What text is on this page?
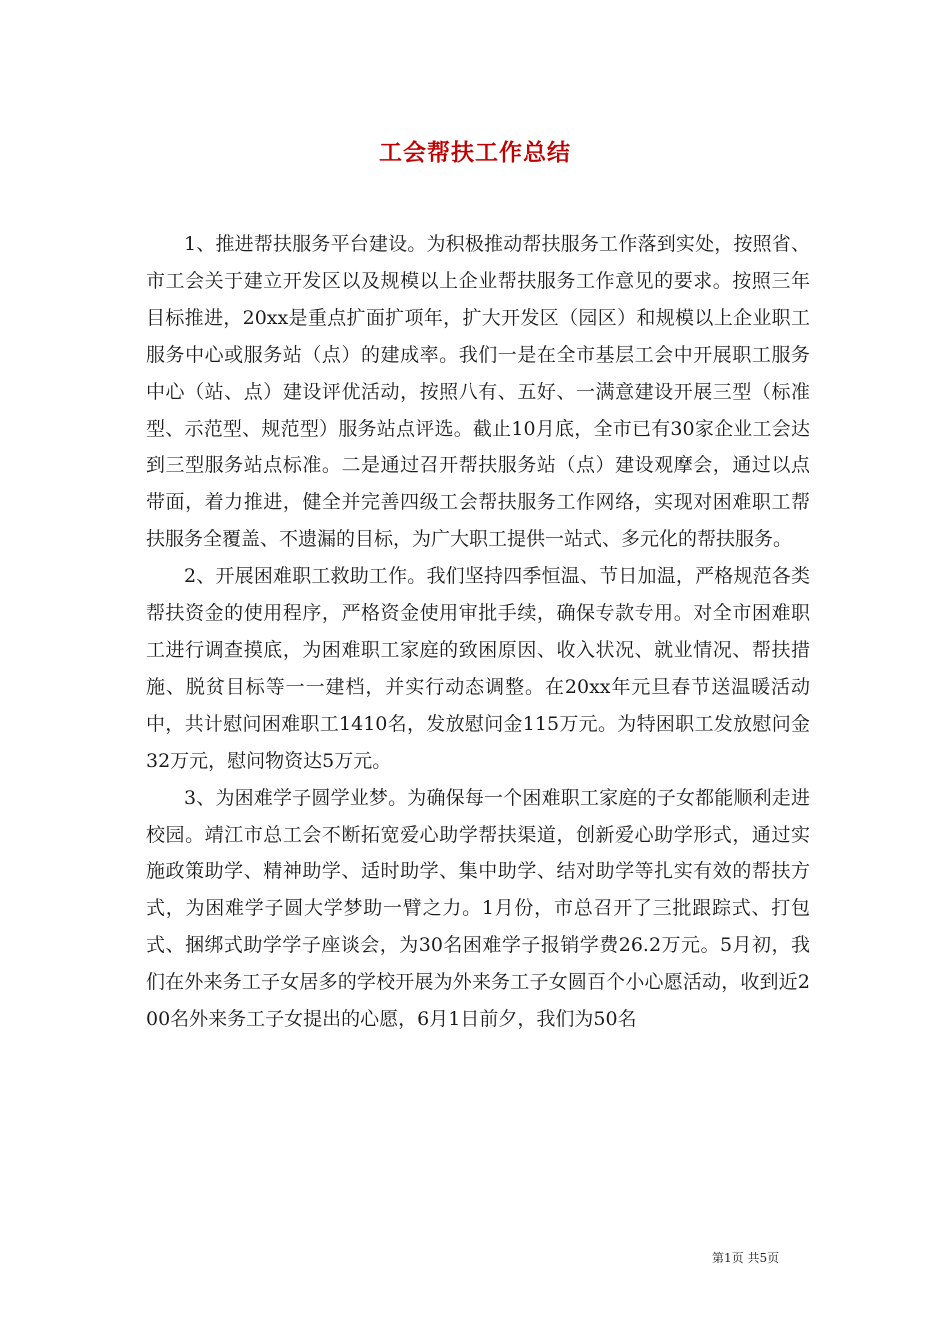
工会帮扶工作总结

1、推进帮扶服务平台建设。为积极推动帮扶服务工作落到实处，按照省、市工会关于建立开发区以及规模以上企业帮扶服务工作意见的要求。按照三年目标推进，20xx是重点扩面扩项年，扩大开发区（园区）和规模以上企业职工服务中心或服务站（点）的建成率。我们一是在全市基层工会中开展职工服务中心（站、点）建设评优活动，按照八有、五好、一满意建设开展三型（标准型、示范型、规范型）服务站点评选。截止10月底，全市已有30家企业工会达到三型服务站点标准。二是通过召开帮扶服务站（点）建设观摩会，通过以点带面，着力推进，健全并完善四级工会帮扶服务工作网络，实现对困难职工帮扶服务全覆盖、不遗漏的目标，为广大职工提供一站式、多元化的帮扶服务。

2、开展困难职工救助工作。我们坚持四季恒温、节日加温，严格规范各类帮扶资金的使用程序，严格资金使用审批手续，确保专款专用。对全市困难职工进行调查摸底，为困难职工家庭的致困原因、收入状况、就业情况、帮扶措施、脱贫目标等一一建档，并实行动态调整。在20xx年元旦春节送温暖活动中，共计慰问困难职工1410名，发放慰问金115万元。为特困职工发放慰问金32万元，慰问物资达5万元。

3、为困难学子圆学业梦。为确保每一个困难职工家庭的子女都能顺利走进校园。靖江市总工会不断拓宽爱心助学帮扶渠道，创新爱心助学形式，通过实施政策助学、精神助学、适时助学、集中助学、结对助学等扎实有效的帮扶方式，为困难学子圆大学梦助一臂之力。1月份，市总召开了三批跟踪式、打包式、捆绑式助学学子座谈会，为30名困难学子报销学费26.2万元。5月初，我们在外来务工子女居多的学校开展为外来务工子女圆百个小心愿活动，收到近200名外来务工子女提出的心愿，6月1日前夕，我们为50名

第1页 共5页
